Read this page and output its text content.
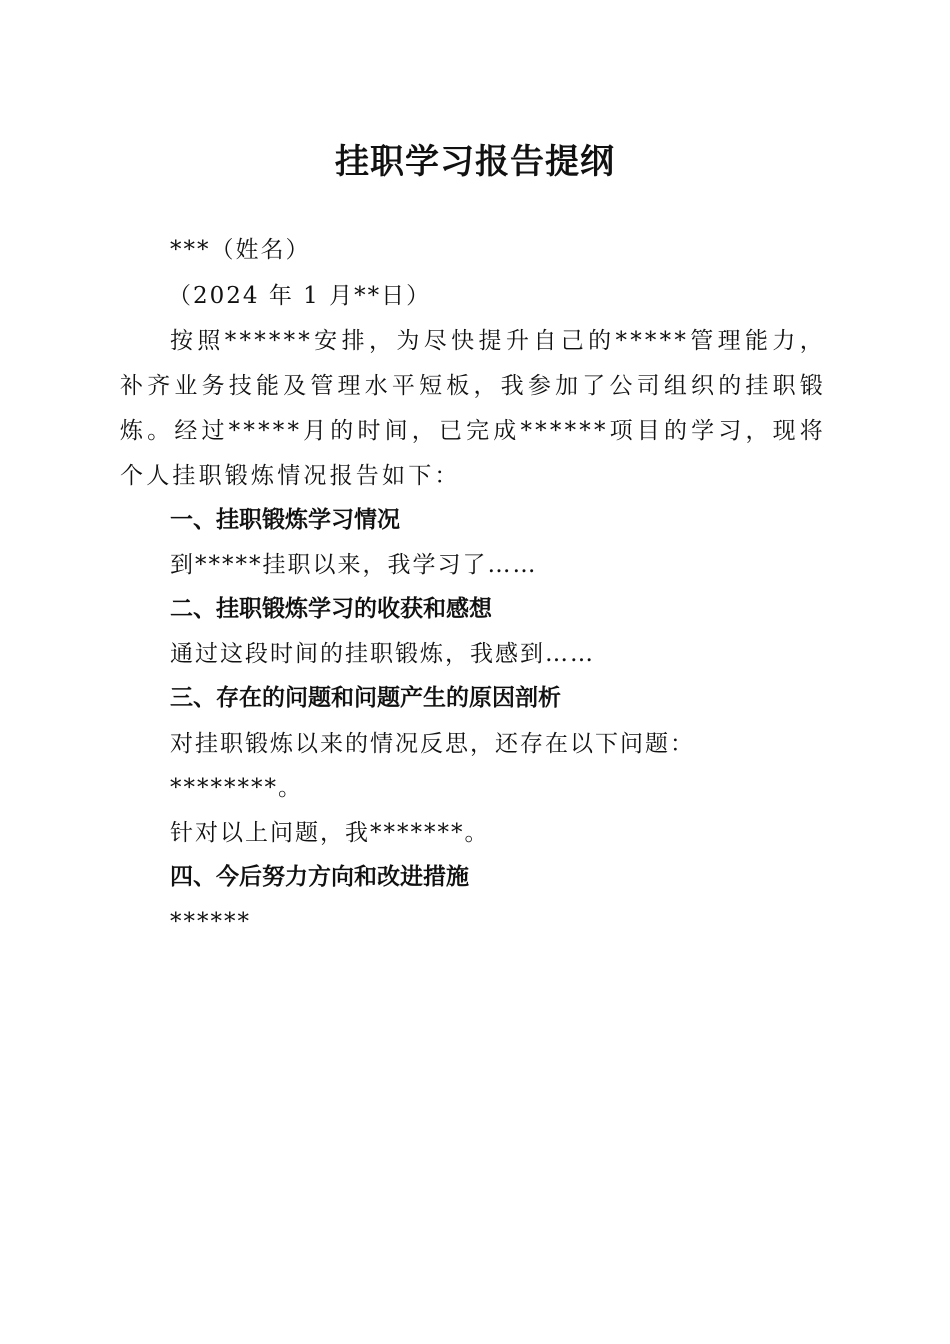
挂职学习报告提纲
***（姓名）
（2024 年 1 月**日）
按照******安排，为尽快提升自己的*****管理能力，补齐业务技能及管理水平短板，我参加了公司组织的挂职锻炼。经过*****月的时间，已完成******项目的学习，现将个人挂职锻炼情况报告如下：
一、挂职锻炼学习情况
到*****挂职以来，我学习了……
二、挂职锻炼学习的收获和感想
通过这段时间的挂职锻炼，我感到……
三、存在的问题和问题产生的原因剖析
对挂职锻炼以来的情况反思，还存在以下问题：
********。
针对以上问题，我*******。
四、今后努力方向和改进措施
******
